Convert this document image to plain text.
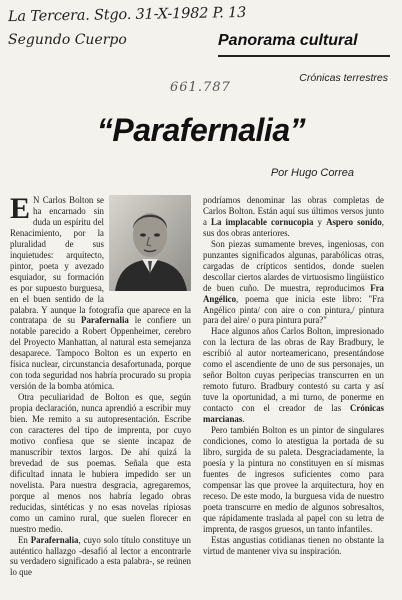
La Tercera. Stgo. 31-X-1982 P. 13
Segundo Cuerpo
661.787
Panorama cultural
Crónicas terrestres
“Parafernalia”
Por Hugo Correa

E N Carlos Bolton se ha encarnado sin duda un espíritu del Renacimiento, por la pluralidad de sus inquietudes: arquitecto, pintor, poeta y avezado esquiador, su formación es por supuesto burguesa, en el buen sentido de la palabra. Y aunque la fotografía que aparece en la contratapa de su Parafernalia le confiere un notable parecido a Robert Oppenheimer, cerebro del Proyecto Manhattan, al natural esta semejanza desaparece. Tampoco Bolton es un experto en física nuclear, circunstancia desafortunada, porque con toda seguridad nos habría procurado su propia versión de la bomba atómica.

Otra peculiaridad de Bolton es que, según propia declaración, nunca aprendió a escribir muy bien. Me remito a su autopresentación. Escribe con caracteres del tipo de imprenta, por cuyo motivo confiesa que se siente incapaz de manuscribir textos largos. De ahí quizá la brevedad de sus poemas. Señala que esta dificultad innata le hubiera impedido ser un novelista. Para nuestra desgracia, agregaremos, porque al menos nos habría legado obras reducidas, sintéticas y no esas novelas ripiosas como un camino rural, que suelen florecer en nuestro medio.

En Parafernalia, cuyo solo título constituye un auténtico hallazgo -desafió al lector a encontrarle su verdadero significado a esta palabra-, se reúnen lo que

podríamos denominar las obras completas de Carlos Bolton. Están aquí sus últimos versos junto a La implacable cornucopia y Aspero sonido, sus dos obras anteriores.

Son piezas sumamente breves, ingeniosas, con punzantes significados algunas, parabólicas otras, cargadas de crípticos sentidos, donde suelen descollar ciertos alardes de virtuosismo lingüístico de buen cuño. De muestra, reproducimos Fra Angélico, poema que inicia este libro: "Fra Angélico pinta/ con aire o con pintura,/ pintura para del aire/ o pura pintura pura?"

Hace algunos años Carlos Bolton, impresionado con la lectura de las obras de Ray Bradbury, le escribió al autor norteamericano, presentándose como el ascendiente de uno de sus personajes, un señor Bolton cuyas peripecias transcurren en un remoto futuro. Bradbury contestó su carta y así tuve la oportunidad, a mi turno, de ponerme en contacto con el creador de las Crónicas marcianas.

Pero también Bolton es un pintor de singulares condiciones, como lo atestigua la portada de su libro, surgida de su paleta. Desgraciadamente, la poesía y la pintura no constituyen en sí mismas fuentes de ingresos suficientes como para compensar las que provee la arquitectura, hoy en receso. De este modo, la burguesa vida de nuestro poeta transcurre en medio de algunos sobresaltos, que rápidamente traslada al papel con su letra de imprenta, de rasgos gruesos, un tanto infantiles.

Estas angustias cotidianas tienen no obstante la virtud de mantener viva su inspiración.
